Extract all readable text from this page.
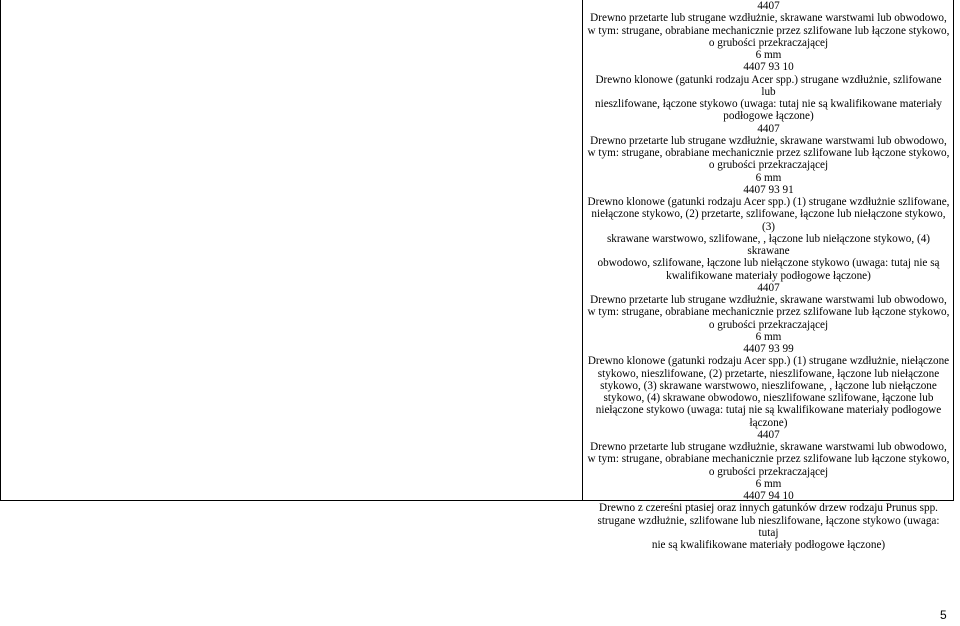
4407
Drewno przetarte lub strugane wzdłużnie, skrawane warstwami lub obwodowo,
w tym: strugane, obrabiane mechanicznie przez szlifowane lub łączone stykowo,
o grubości przekraczającej
6 mm
4407 93 10
Drewno klonowe (gatunki rodzaju Acer spp.) strugane wzdłużnie, szlifowane lub
nieszlifowane, łączone stykowo (uwaga: tutaj nie są kwalifikowane materiały
podłogowe łączone)
4407
Drewno przetarte lub strugane wzdłużnie, skrawane warstwami lub obwodowo,
w tym: strugane, obrabiane mechanicznie przez szlifowane lub łączone stykowo,
o grubości przekraczającej
6 mm
4407 93 91
Drewno klonowe (gatunki rodzaju Acer spp.) (1) strugane wzdłużnie szlifowane,
niełączone stykowo, (2) przetarte, szlifowane, łączone lub niełączone stykowo, (3)
skrawane warstwowo, szlifowane, , łączone lub niełączone stykowo, (4) skrawane
obwodowo, szlifowane, łączone lub niełączone stykowo (uwaga: tutaj nie są
kwalifikowane materiały podłogowe łączone)
4407
Drewno przetarte lub strugane wzdłużnie, skrawane warstwami lub obwodowo,
w tym: strugane, obrabiane mechanicznie przez szlifowane lub łączone stykowo,
o grubości przekraczającej
6 mm
4407 93 99
Drewno klonowe (gatunki rodzaju Acer spp.) (1) strugane wzdłużnie, niełączone
stykowo, nieszlifowane, (2) przetarte, nieszlifowane, łączone lub niełączone
stykowo, (3) skrawane warstwowo, nieszlifowane, , łączone lub niełączone
stykowo, (4) skrawane obwodowo, nieszlifowane szlifowane, łączone lub
niełączone stykowo (uwaga: tutaj nie są kwalifikowane materiały podłogowe
łączone)
4407
Drewno przetarte lub strugane wzdłużnie, skrawane warstwami lub obwodowo,
w tym: strugane, obrabiane mechanicznie przez szlifowane lub łączone stykowo,
o grubości przekraczającej
6 mm
4407 94 10
Drewno z czereśni ptasiej oraz innych gatunków drzew rodzaju Prunus spp.
strugane wzdłużnie, szlifowane lub nieszlifowane, łączone stykowo (uwaga: tutaj
nie są kwalifikowane materiały podłogowe łączone)
5
